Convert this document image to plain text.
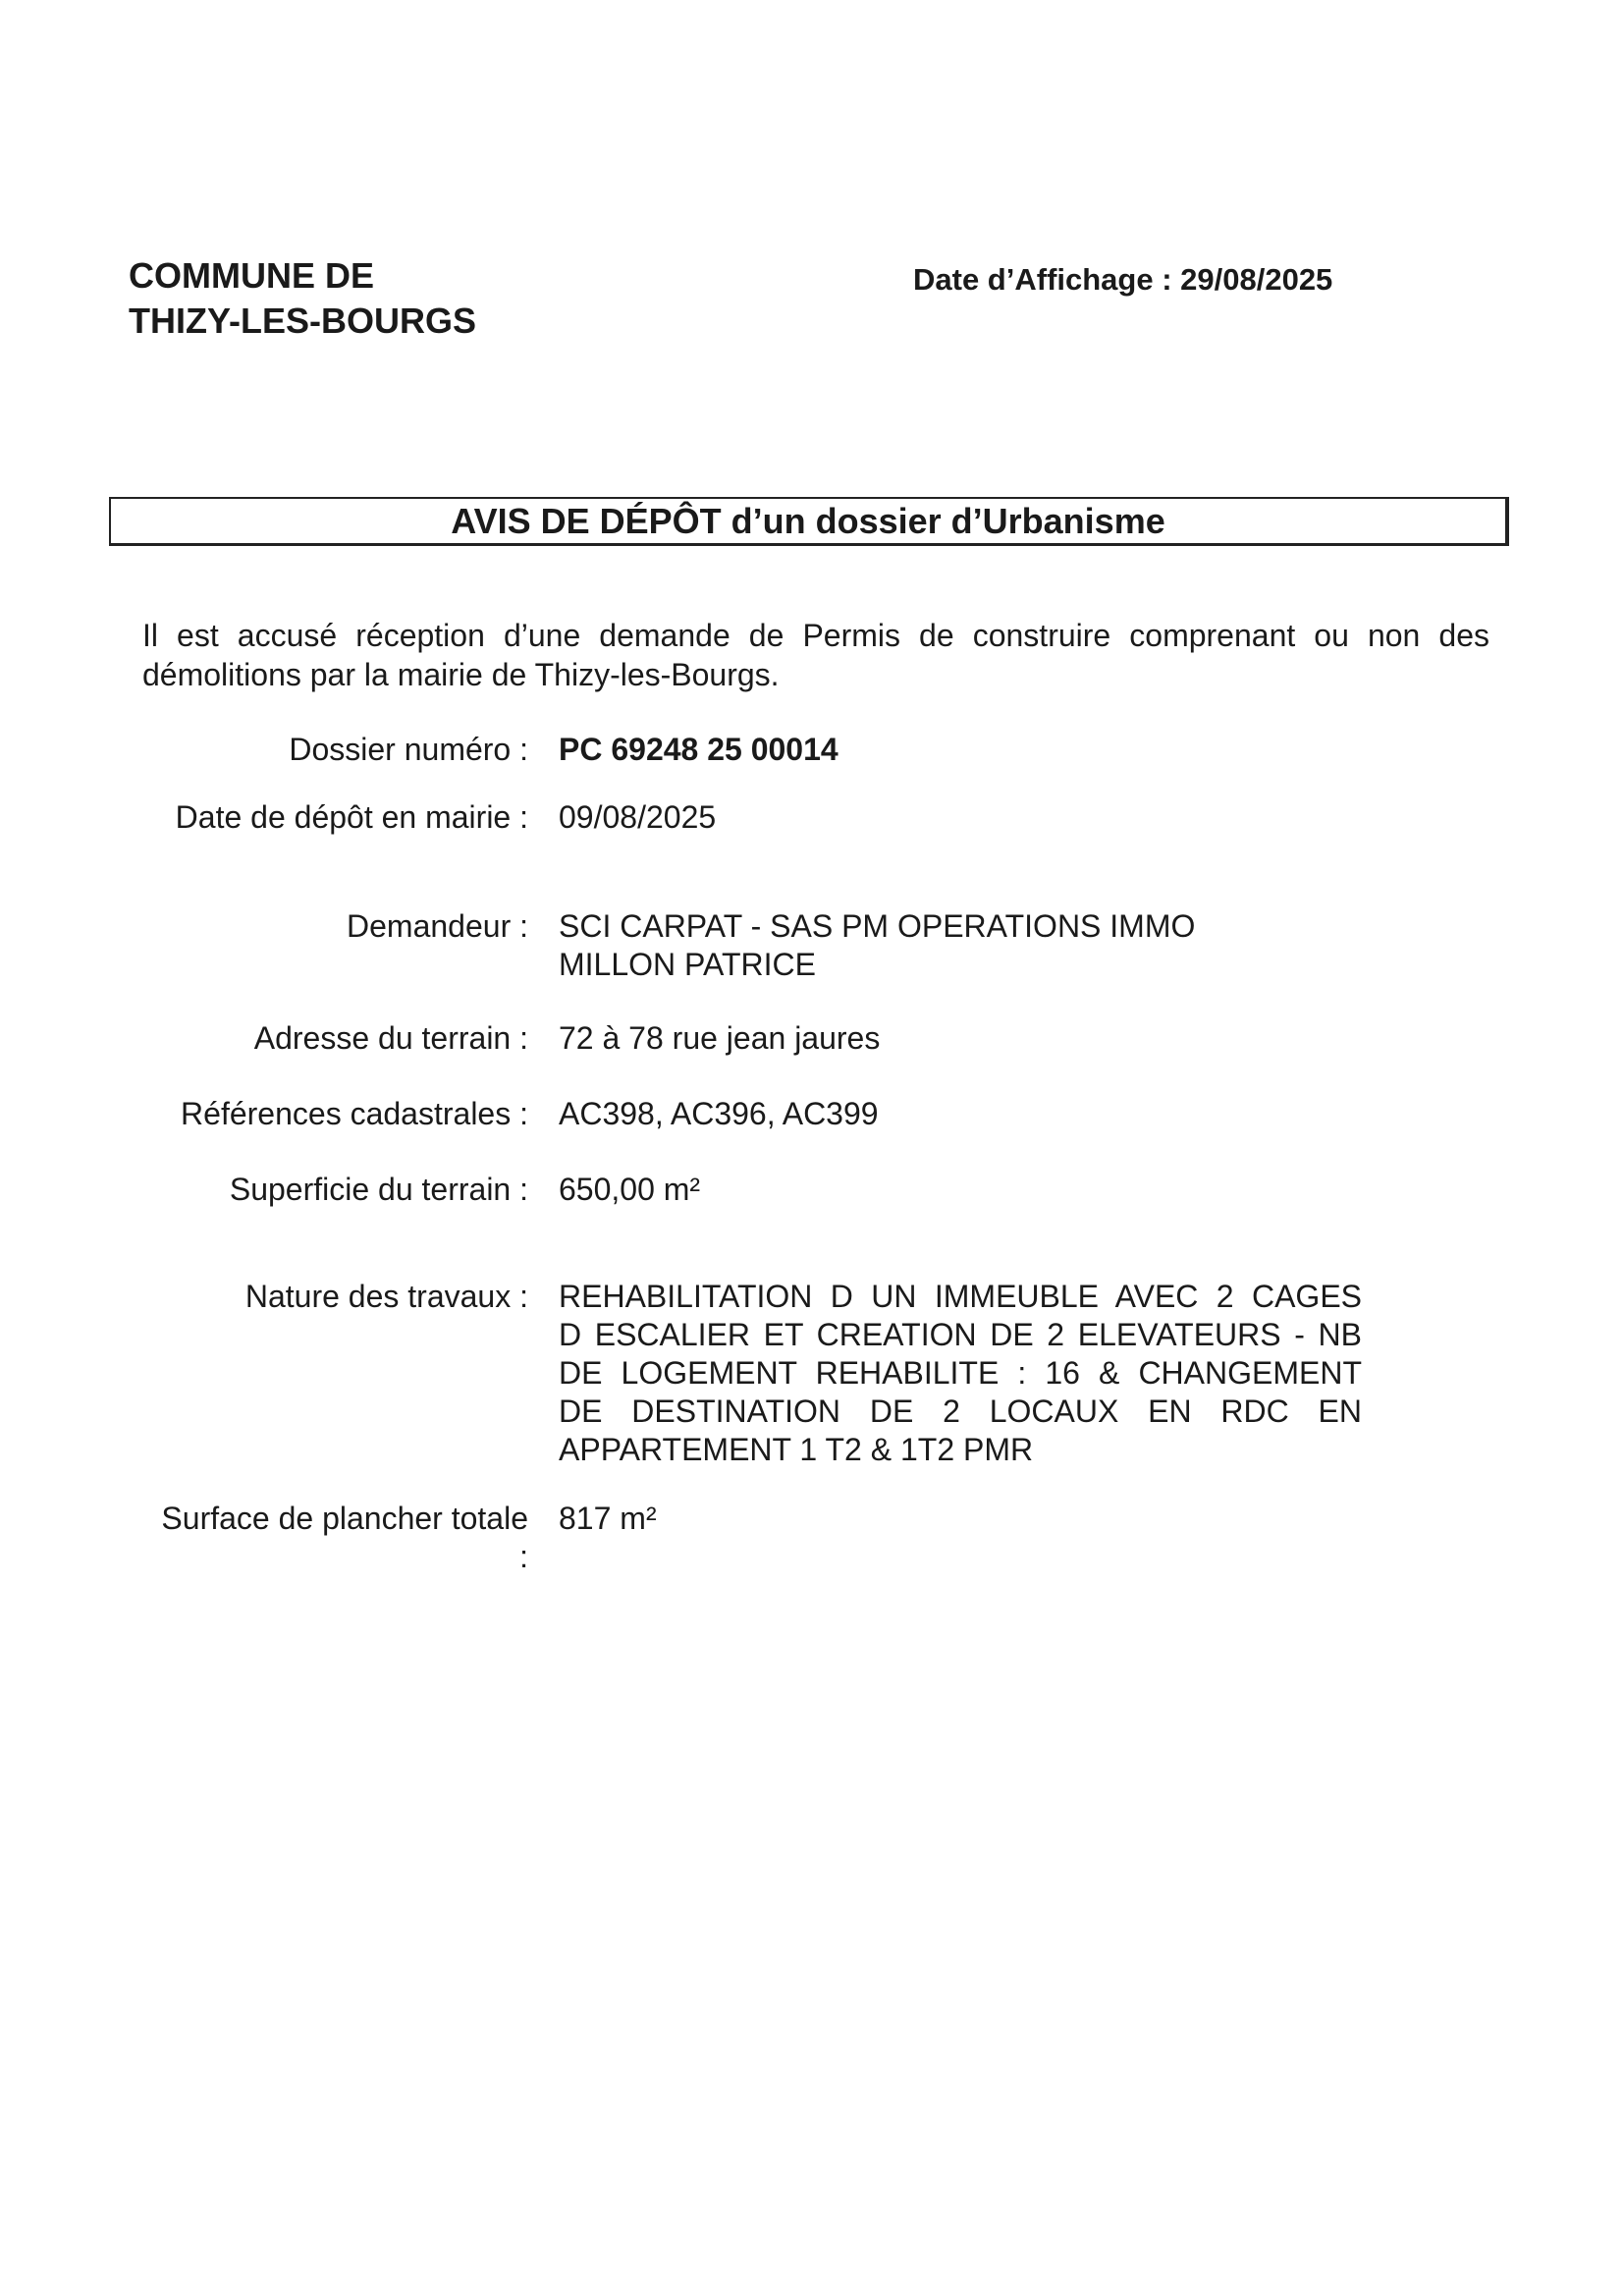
COMMUNE DE
THIZY-LES-BOURGS
Date d’Affichage : 29/08/2025
AVIS DE DÉPÔT d’un dossier d’Urbanisme
Il est accusé réception d’une demande de Permis de construire comprenant ou non des démolitions par la mairie de Thizy-les-Bourgs.
Dossier numéro : PC 69248 25 00014
Date de dépôt en mairie : 09/08/2025
Demandeur : SCI CARPAT - SAS PM OPERATIONS IMMO
MILLON PATRICE
Adresse du terrain : 72 à 78 rue jean jaures
Références cadastrales : AC398, AC396, AC399
Superficie du terrain : 650,00 m²
Nature des travaux : REHABILITATION D UN IMMEUBLE AVEC 2 CAGES
D ESCALIER ET CREATION DE 2 ELEVATEURS - NB
DE LOGEMENT REHABILITE : 16 & CHANGEMENT
DE DESTINATION DE 2 LOCAUX EN RDC EN
APPARTEMENT 1 T2 & 1T2 PMR
Surface de plancher totale
:
817 m²
